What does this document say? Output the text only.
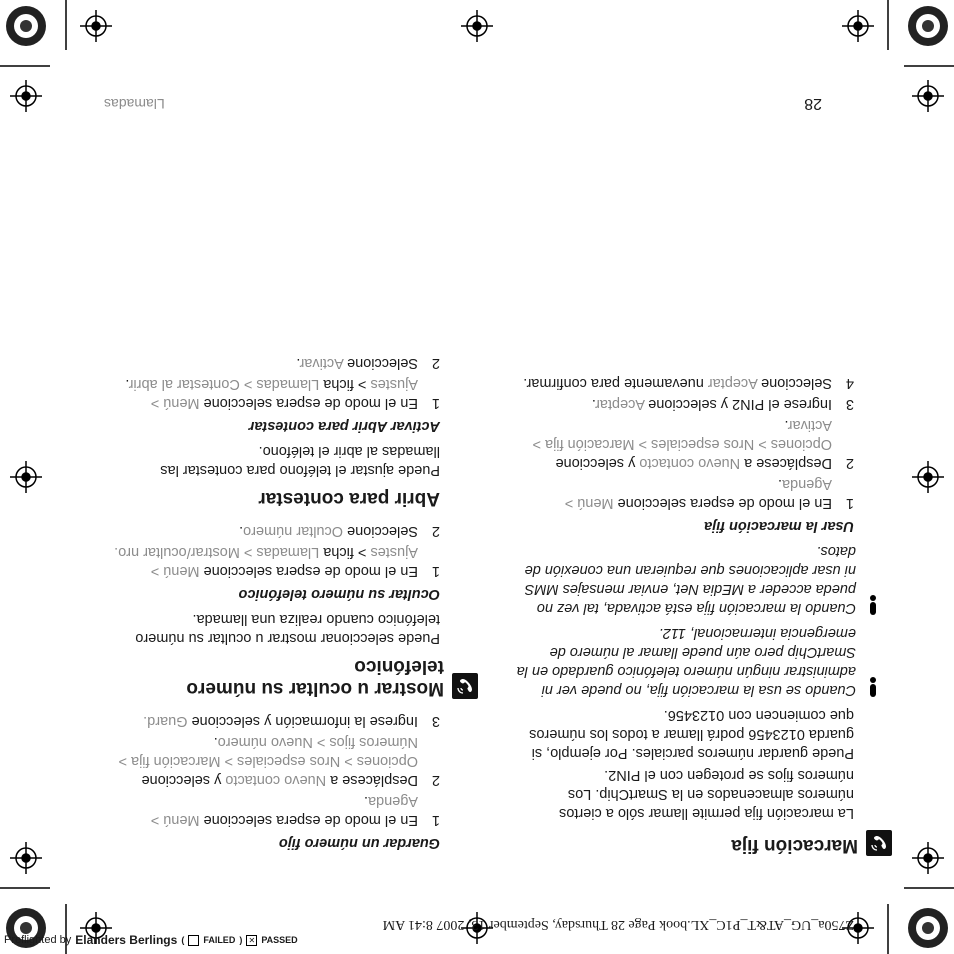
Z750a_UG_AT&T_P1C_XL.book Page 28 Thursday, September 13, 2007 8:41 AM
Llamadas	28
Marcación fija

La marcación fija permite llamar sólo a ciertos números almacenados en la SmartChip. Los números fijos se protegen con el PIN2.

Puede guardar números parciales. Por ejemplo, si guarda 0123456 podrá llamar a todos los números que comiencen con 0123456.

Cuando se usa la marcación fija, no puede ver ni administrar ningún número telefónico guardado en la SmartChip pero aún puede llamar al número de emergencia internacional, 112.
Cuando la marcación fija está activada, tal vez no pueda acceder a MEdia Net, enviar mensajes MMS ni usar aplicaciones que requieran una conexión de datos.
Usar la marcación fija
1
En el modo de espera seleccione Menú > Agenda.
2
Desplácese a Nuevo contacto y seleccione Opciones > Nros especiales > Marcación fija > Activar.
3
Ingrese el PIN2 y seleccione Aceptar.
4
Seleccione Aceptar nuevamente para confirmar.
Guardar un número fijo
1
En el modo de espera seleccione Menú > Agenda.
2
Desplácese a Nuevo contacto y seleccione Opciones > Nros especiales > Marcación fija > Números fijos > Nuevo número.
3
Ingrese la información y seleccione Guard.
Mostrar u ocultar su número telefónico

Puede seleccionar mostrar u ocultar su número telefónico cuando realiza una llamada.

Ocultar su número telefónico
1
En el modo de espera seleccione Menú > Ajustes > ficha Llamadas > Mostrar/ocultar nro.
2
Seleccione Ocultar número.
Abrir para contestar

Puede ajustar el teléfono para contestar las llamadas al abrir el teléfono.

Activar Abrir para contestar
1
En el modo de espera seleccione Menú > Ajustes > ficha Llamadas > Contestar al abrir.
2
Seleccione Activar.
Preflighted by Elanders Berlings ( FAILED ) ✕ PASSED
